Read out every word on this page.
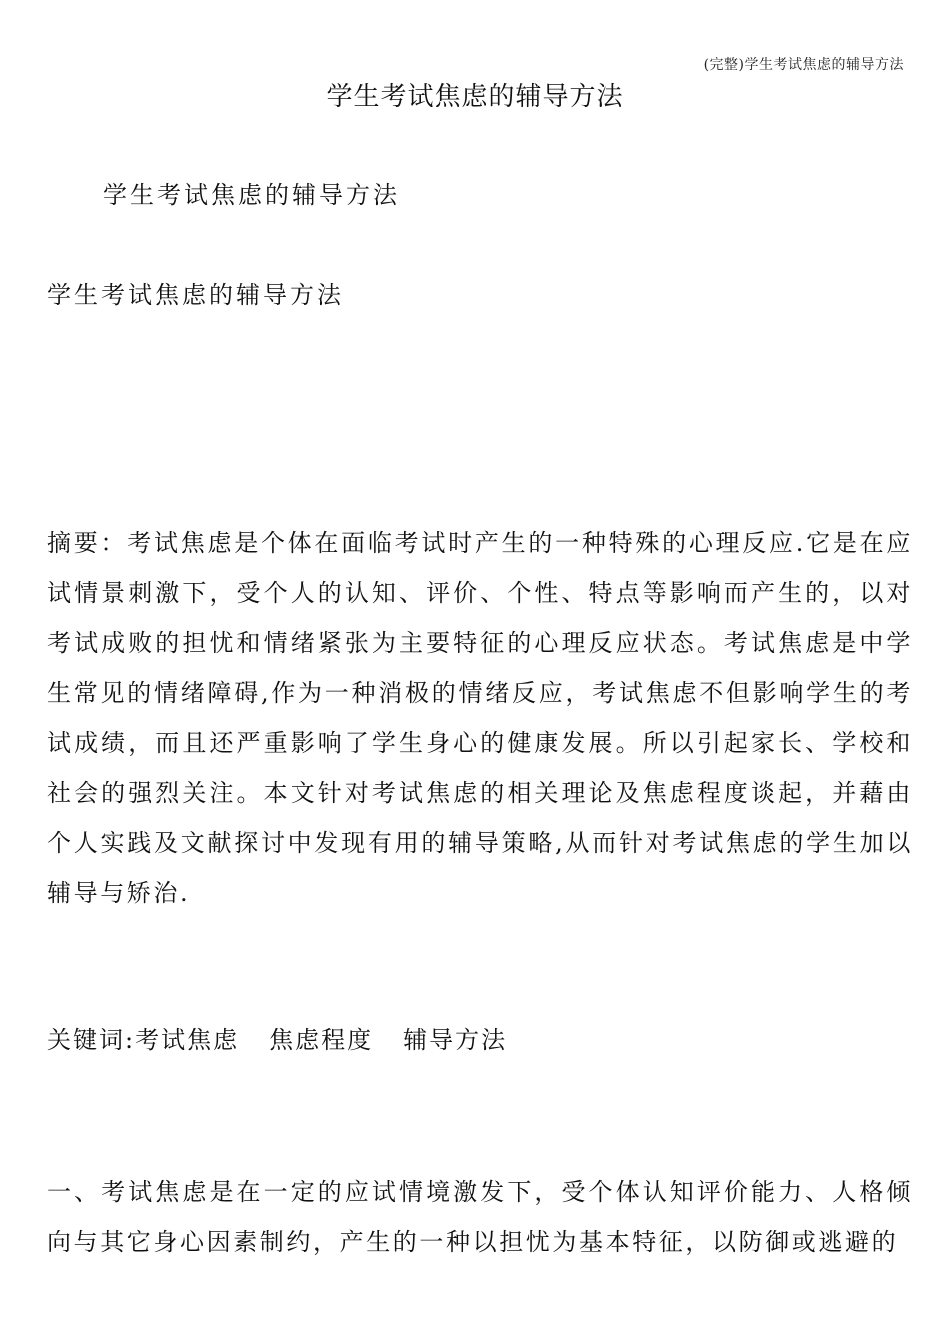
(完整)学生考试焦虑的辅导方法
学生考试焦虑的辅导方法
学生考试焦虑的辅导方法
学生考试焦虑的辅导方法
摘要：考试焦虑是个体在面临考试时产生的一种特殊的心理反应.它是在应试情景刺激下，受个人的认知、评价、个性、特点等影响而产生的，以对考试成败的担忧和情绪紧张为主要特征的心理反应状态。考试焦虑是中学生常见的情绪障碍,作为一种消极的情绪反应，考试焦虑不但影响学生的考试成绩，而且还严重影响了学生身心的健康发展。所以引起家长、学校和社会的强烈关注。本文针对考试焦虑的相关理论及焦虑程度谈起，并藉由个人实践及文献探讨中发现有用的辅导策略,从而针对考试焦虑的学生加以辅导与矫治.
关键词:考试焦虑 焦虑程度 辅导方法
一、考试焦虑是在一定的应试情境激发下，受个体认知评价能力、人格倾向与其它身心因素制约，产生的一种以担忧为基本特征，以防御或逃避的
